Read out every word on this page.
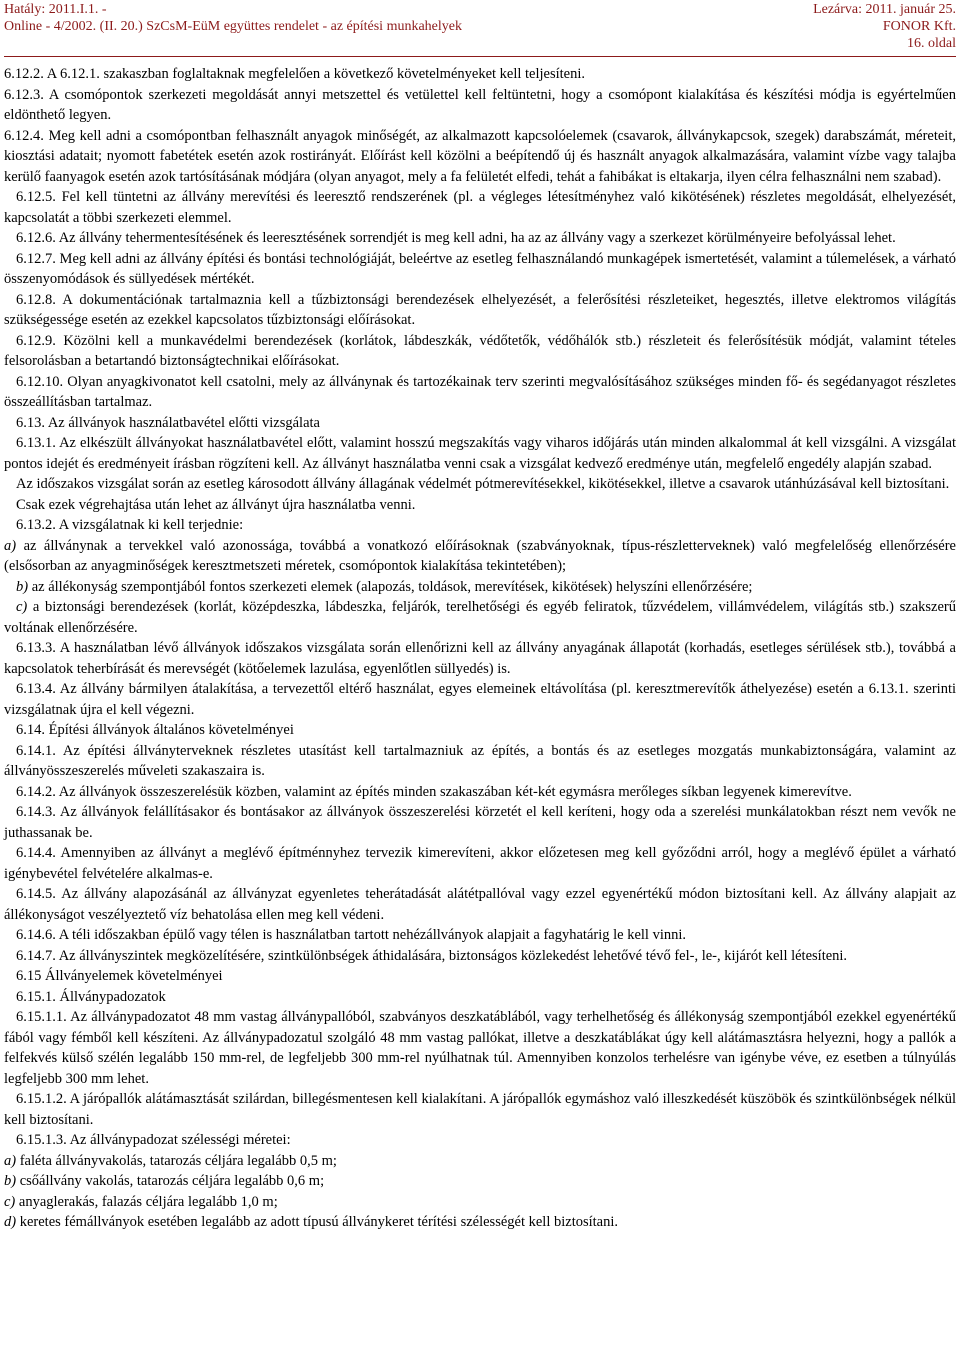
Hatály: 2011.I.1. -
Online - 4/2002. (II. 20.) SzCsM-EüM együttes rendelet - az építési munkahelyek
Lezárva: 2011. január 25.
FONOR Kft.
16. oldal

6.12.2. A 6.12.1. szakaszban foglaltaknak megfelelően a következő követelményeket kell teljesíteni.

6.12.3. A csomópontok szerkezeti megoldását annyi metszettel és vetülettel kell feltüntetni, hogy a csomópont kialakítása és készítési módja is egyértelműen eldönthető legyen.

6.12.4. Meg kell adni a csomópontban felhasznált anyagok minőségét, az alkalmazott kapcsolóelemek (csavarok, állványkapcsok, szegek) darabszámát, méreteit, kiosztási adatait; nyomott fabetétek esetén azok rostirányát. Előírást kell közölni a beépítendő új és használt anyagok alkalmazására, valamint vízbe vagy talajba kerülő faanyagok esetén azok tartósításának módjára (olyan anyagot, mely a fa felületét elfedi, tehát a fahibákat is eltakarja, ilyen célra felhasználni nem szabad).

6.12.5. Fel kell tüntetni az állvány merevítési és leeresztő rendszerének (pl. a végleges létesítményhez való kikötésének) részletes megoldását, elhelyezését, kapcsolatát a többi szerkezeti elemmel.

6.12.6. Az állvány tehermentesítésének és leeresztésének sorrendjét is meg kell adni, ha az az állvány vagy a szerkezet körülményeire befolyással lehet.

6.12.7. Meg kell adni az állvány építési és bontási technológiáját, beleértve az esetleg felhasználandó munkagépek ismertetését, valamint a túlemelések, a várható összenyomódások és süllyedések mértékét.

6.12.8. A dokumentációnak tartalmaznia kell a tűzbiztonsági berendezések elhelyezését, a felerősítési részleteiket, hegesztés, illetve elektromos világítás szükségessége esetén az ezekkel kapcsolatos tűzbiztonsági előírásokat.

6.12.9. Közölni kell a munkavédelmi berendezések (korlátok, lábdeszkák, védőtetők, védőhálók stb.) részleteit és felerősítésük módját, valamint tételes felsorolásban a betartandó biztonságtechnikai előírásokat.

6.12.10. Olyan anyagkivonatot kell csatolni, mely az állványnak és tartozékainak terv szerinti megvalósításához szükséges minden fő- és segédanyagot részletes összeállításban tartalmaz.

6.13. Az állványok használatbavétel előtti vizsgálata

6.13.1. Az elkészült állványokat használatbavétel előtt, valamint hosszú megszakítás vagy viharos időjárás után minden alkalommal át kell vizsgálni. A vizsgálat pontos idejét és eredményeit írásban rögzíteni kell. Az állványt használatba venni csak a vizsgálat kedvező eredménye után, megfelelő engedély alapján szabad.

Az időszakos vizsgálat során az esetleg károsodott állvány állagának védelmét pótmerevítésekkel, kikötésekkel, illetve a csavarok utánhúzásával kell biztosítani.

Csak ezek végrehajtása után lehet az állványt újra használatba venni.

6.13.2. A vizsgálatnak ki kell terjednie:

a) az állványnak a tervekkel való azonossága, továbbá a vonatkozó előírásoknak (szabványoknak, típus-részletterveknek) való megfelelőség ellenőrzésére (elsősorban az anyagminőségek keresztmetszeti méretek, csomópontok kialakítása tekintetében);

b) az állékonyság szempontjából fontos szerkezeti elemek (alapozás, toldások, merevítések, kikötések) helyszíni ellenőrzésére;

c) a biztonsági berendezések (korlát, középdeszka, lábdeszka, feljárók, terelhetőségi és egyéb feliratok, tűzvédelem, villámvédelem, világítás stb.) szakszerű voltának ellenőrzésére.

6.13.3. A használatban lévő állványok időszakos vizsgálata során ellenőrizni kell az állvány anyagának állapotát (korhadás, esetleges sérülések stb.), továbbá a kapcsolatok teherbírását és merevségét (kötőelemek lazulása, egyenlőtlen süllyedés) is.

6.13.4. Az állvány bármilyen átalakítása, a tervezettől eltérő használat, egyes elemeinek eltávolítása (pl. keresztmerevítők áthelyezése) esetén a 6.13.1. szerinti vizsgálatnak újra el kell végezni.

6.14. Építési állványok általános követelményei

6.14.1. Az építési állványterveknek részletes utasítást kell tartalmazniuk az építés, a bontás és az esetleges mozgatás munkabiztonságára, valamint az állványösszeszerelés műveleti szakaszaira is.

6.14.2. Az állványok összeszerelésük közben, valamint az építés minden szakaszában két-két egymásra merőleges síkban legyenek kimerevítve.

6.14.3. Az állványok felállításakor és bontásakor az állványok összeszerelési körzetét el kell keríteni, hogy oda a szerelési munkálatokban részt nem vevők ne juthassanak be.

6.14.4. Amennyiben az állványt a meglévő építménnyhez tervezik kimerevíteni, akkor előzetesen meg kell győződni arról, hogy a meglévő épület a várható igénybevétel felvételére alkalmas-e.

6.14.5. Az állvány alapozásánál az állványzat egyenletes teherátadását alátétpallóval vagy ezzel egyenértékű módon biztosítani kell. Az állvány alapjait az állékonyságot veszélyeztető víz behatolása ellen meg kell védeni.

6.14.6. A téli időszakban épülő vagy télen is használatban tartott nehézállványok alapjait a fagyhatárig le kell vinni.

6.14.7. Az állványszintek megközelítésére, szintkülönbségek áthidalására, biztonságos közlekedést lehetővé tévő fel-, le-, kijárót kell létesíteni.

6.15 Állványelemek követelményei

6.15.1. Állványpadozatok

6.15.1.1. Az állványpadozatot 48 mm vastag állványpallóból, szabványos deszkatáblából, vagy terhelhetőség és állékonyság szempontjából ezekkel egyenértékű fából vagy fémből kell készíteni. Az állványpadozatul szolgáló 48 mm vastag pallókat, illetve a deszkatáblákat úgy kell alátámasztásra helyezni, hogy a pallók a felfekvés külső szélén legalább 150 mm-rel, de legfeljebb 300 mm-rel nyúlhatnak túl. Amennyiben konzolos terhelésre van igénybe véve, ez esetben a túlnyúlás legfeljebb 300 mm lehet.

6.15.1.2. A járópallók alátámasztását szilárdan, billegésmentesen kell kialakítani. A járópallók egymáshoz való illeszkedését küszöbök és szintkülönbségek nélkül kell biztosítani.

6.15.1.3. Az állványpadozat szélességi méretei:

a) faléta állványvakolás, tatarozás céljára legalább 0,5 m;

b) csőállvány vakolás, tatarozás céljára legalább 0,6 m;

c) anyaglerakás, falazás céljára legalább 1,0 m;

d) keretes fémállványok esetében legalább az adott típusú állványkeret térítési szélességét kell biztosítani.
